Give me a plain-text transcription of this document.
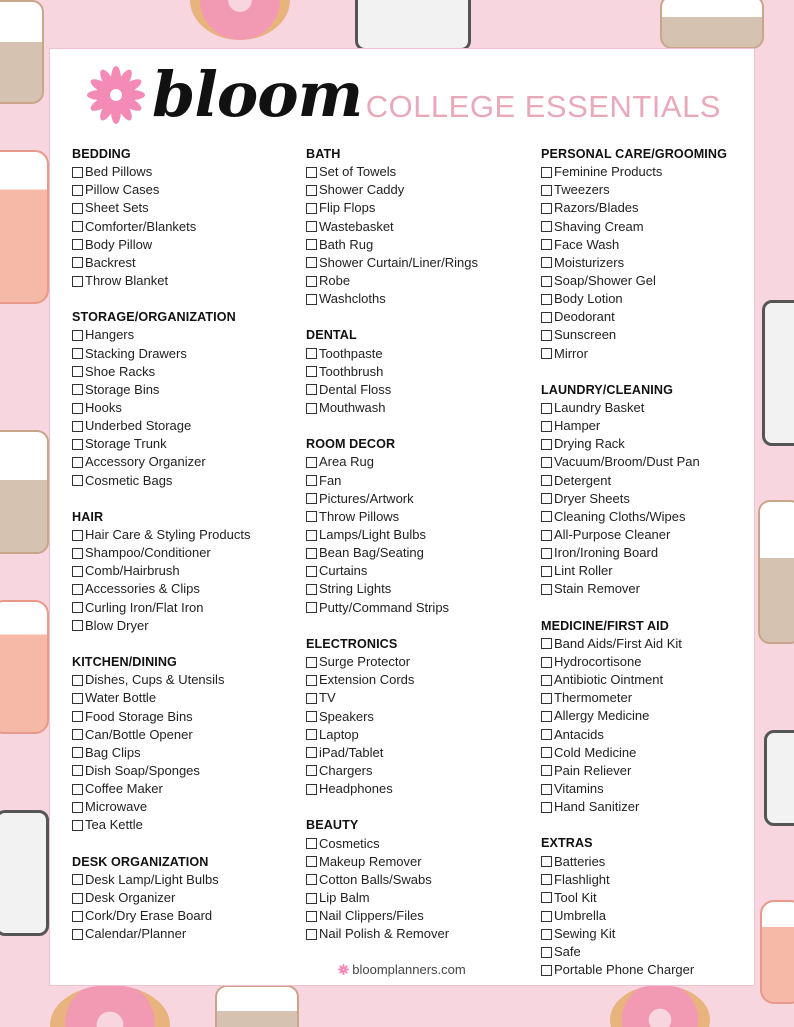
bloom COLLEGE ESSENTIALS
BEDDING
Bed Pillows
Pillow Cases
Sheet Sets
Comforter/Blankets
Body Pillow
Backrest
Throw Blanket
STORAGE/ORGANIZATION
Hangers
Stacking Drawers
Shoe Racks
Storage Bins
Hooks
Underbed Storage
Storage Trunk
Accessory Organizer
Cosmetic Bags
HAIR
Hair Care & Styling Products
Shampoo/Conditioner
Comb/Hairbrush
Accessories & Clips
Curling Iron/Flat Iron
Blow Dryer
KITCHEN/DINING
Dishes, Cups & Utensils
Water Bottle
Food Storage Bins
Can/Bottle Opener
Bag Clips
Dish Soap/Sponges
Coffee Maker
Microwave
Tea Kettle
DESK ORGANIZATION
Desk Lamp/Light Bulbs
Desk Organizer
Cork/Dry Erase Board
Calendar/Planner
BATH
Set of Towels
Shower Caddy
Flip Flops
Wastebasket
Bath Rug
Shower Curtain/Liner/Rings
Robe
Washcloths
DENTAL
Toothpaste
Toothbrush
Dental Floss
Mouthwash
ROOM DECOR
Area Rug
Fan
Pictures/Artwork
Throw Pillows
Lamps/Light Bulbs
Bean Bag/Seating
Curtains
String Lights
Putty/Command Strips
ELECTRONICS
Surge Protector
Extension Cords
TV
Speakers
Laptop
iPad/Tablet
Chargers
Headphones
BEAUTY
Cosmetics
Makeup Remover
Cotton Balls/Swabs
Lip Balm
Nail Clippers/Files
Nail Polish & Remover
PERSONAL CARE/GROOMING
Feminine Products
Tweezers
Razors/Blades
Shaving Cream
Face Wash
Moisturizers
Soap/Shower Gel
Body Lotion
Deodorant
Sunscreen
Mirror
LAUNDRY/CLEANING
Laundry Basket
Hamper
Drying Rack
Vacuum/Broom/Dust Pan
Detergent
Dryer Sheets
Cleaning Cloths/Wipes
All-Purpose Cleaner
Iron/Ironing Board
Lint Roller
Stain Remover
MEDICINE/FIRST AID
Band Aids/First Aid Kit
Hydrocortisone
Antibiotic Ointment
Thermometer
Allergy Medicine
Antacids
Cold Medicine
Pain Reliever
Vitamins
Hand Sanitizer
EXTRAS
Batteries
Flashlight
Tool Kit
Umbrella
Sewing Kit
Safe
Portable Phone Charger
bloomplanners.com
